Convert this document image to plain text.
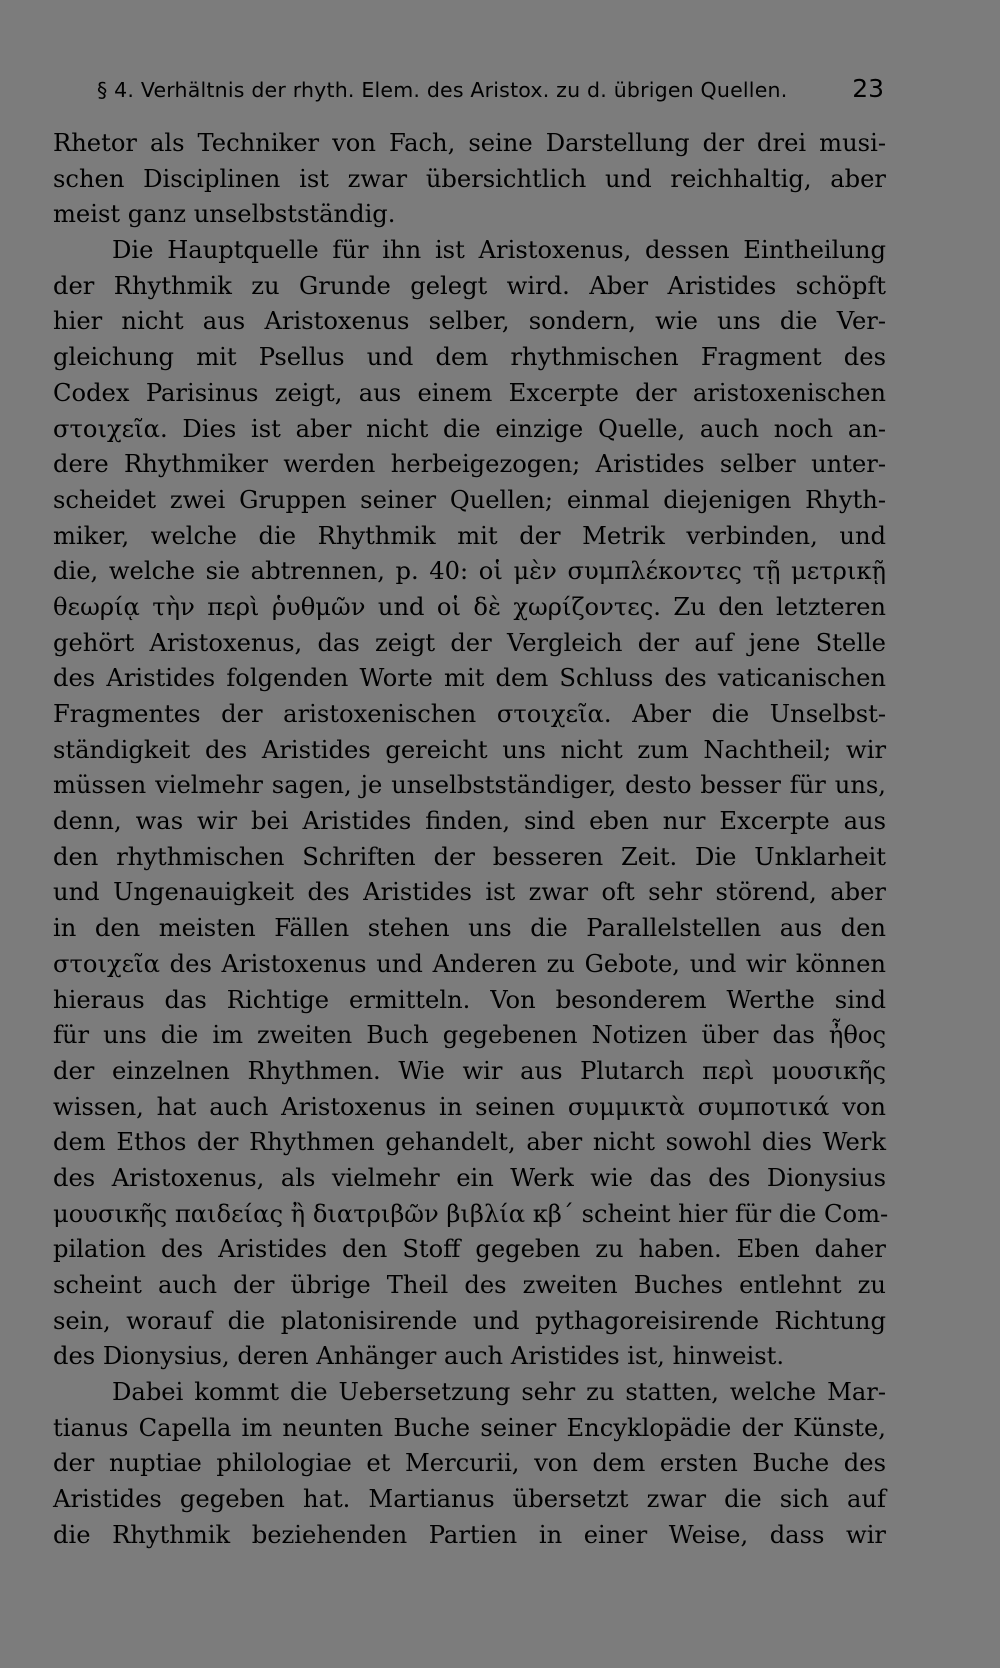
§ 4. Verhältnis der rhyth. Elem. des Aristox. zu d. übrigen Quellen.	23
Rhetor als Techniker von Fach, seine Darstellung der drei musi-
schen Disciplinen ist zwar übersichtlich und reichhaltig, aber
meist ganz unselbstständig.
Die Hauptquelle für ihn ist Aristoxenus, dessen Eintheilung
der Rhythmik zu Grunde gelegt wird. Aber Aristides schöpft
hier nicht aus Aristoxenus selber, sondern, wie uns die Ver-
gleichung mit Psellus und dem rhythmischen Fragment des
Codex Parisinus zeigt, aus einem Excerpte der aristoxenischen
στοιχεῖα. Dies ist aber nicht die einzige Quelle, auch noch an-
dere Rhythmiker werden herbeigezogen; Aristides selber unter-
scheidet zwei Gruppen seiner Quellen; einmal diejenigen Rhyth-
miker, welche die Rhythmik mit der Metrik verbinden, und
die, welche sie abtrennen, p. 40: οἱ μὲν συμπλέκοντες τῇ μετρικῇ
θεωρίᾳ τὴν περὶ ῥυθμῶν und οἱ δὲ χωρίζοντες. Zu den letzteren
gehört Aristoxenus, das zeigt der Vergleich der auf jene Stelle
des Aristides folgenden Worte mit dem Schluss des vaticanischen
Fragmentes der aristoxenischen στοιχεῖα. Aber die Unselbst-
ständigkeit des Aristides gereicht uns nicht zum Nachtheil; wir
müssen vielmehr sagen, je unselbstständiger, desto besser für uns,
denn, was wir bei Aristides finden, sind eben nur Excerpte aus
den rhythmischen Schriften der besseren Zeit. Die Unklarheit
und Ungenauigkeit des Aristides ist zwar oft sehr störend, aber
in den meisten Fällen stehen uns die Parallelstellen aus den
στοιχεῖα des Aristoxenus und Anderen zu Gebote, und wir können
hieraus das Richtige ermitteln. Von besonderem Werthe sind
für uns die im zweiten Buch gegebenen Notizen über das ἦθος
der einzelnen Rhythmen. Wie wir aus Plutarch περὶ μουσικῆς
wissen, hat auch Aristoxenus in seinen συμμικτὰ συμποτικά von
dem Ethos der Rhythmen gehandelt, aber nicht sowohl dies Werk
des Aristoxenus, als vielmehr ein Werk wie das des Dionysius
μουσικῆς παιδείας ἢ διατριβῶν βιβλία κβ΄ scheint hier für die Com-
pilation des Aristides den Stoff gegeben zu haben. Eben daher
scheint auch der übrige Theil des zweiten Buches entlehnt zu
sein, worauf die platonisirende und pythagoreisirende Richtung
des Dionysius, deren Anhänger auch Aristides ist, hinweist.
Dabei kommt die Uebersetzung sehr zu statten, welche Mar-
tianus Capella im neunten Buche seiner Encyklopädie der Künste,
der nuptiae philologiae et Mercurii, von dem ersten Buche des
Aristides gegeben hat. Martianus übersetzt zwar die sich auf
die Rhythmik beziehenden Partien in einer Weise, dass wir
